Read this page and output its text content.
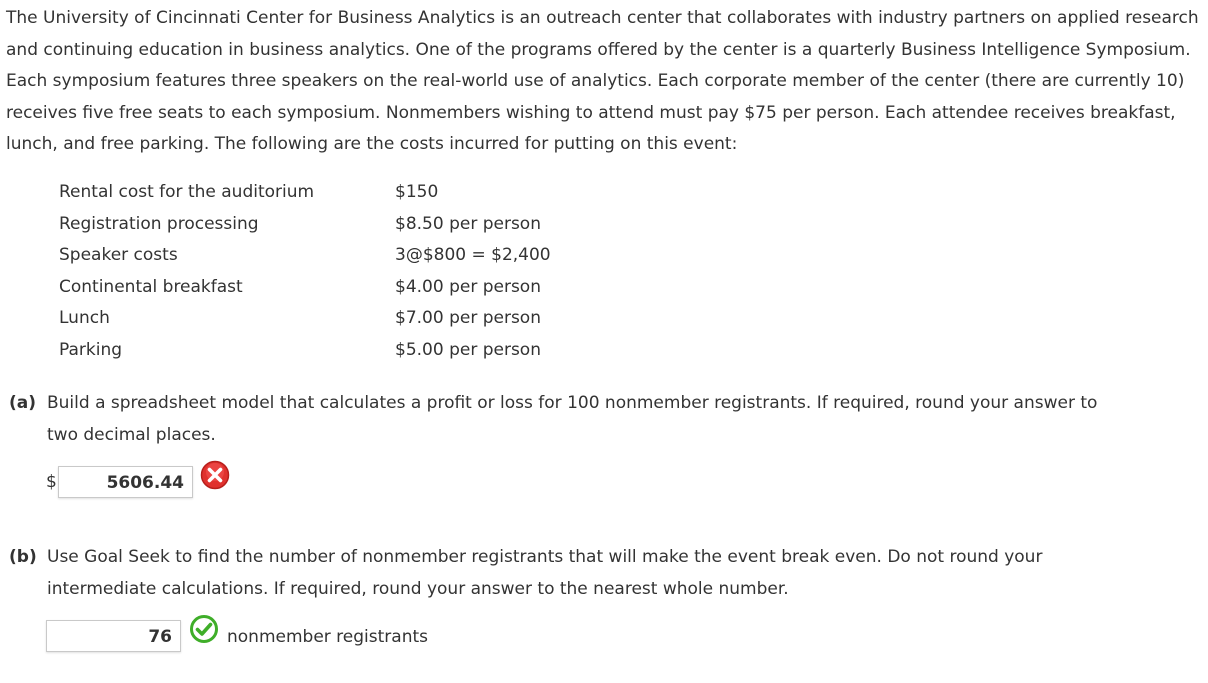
The University of Cincinnati Center for Business Analytics is an outreach center that collaborates with industry partners on applied research and continuing education in business analytics. One of the programs offered by the center is a quarterly Business Intelligence Symposium. Each symposium features three speakers on the real-world use of analytics. Each corporate member of the center (there are currently 10) receives five free seats to each symposium. Nonmembers wishing to attend must pay $75 per person. Each attendee receives breakfast, lunch, and free parking. The following are the costs incurred for putting on this event:

Rental cost for the auditorium	$150
Registration processing	$8.50 per person
Speaker costs	3@$800 = $2,400
Continental breakfast	$4.00 per person
Lunch	$7.00 per person
Parking	$5.00 per person
(a) Build a spreadsheet model that calculates a profit or loss for 100 nonmember registrants. If required, round your answer to
two decimal places.
$	5606.44
(b) Use Goal Seek to find the number of nonmember registrants that will make the event break even. Do not round your
intermediate calculations. If required, round your answer to the nearest whole number.
76	nonmember registrants
